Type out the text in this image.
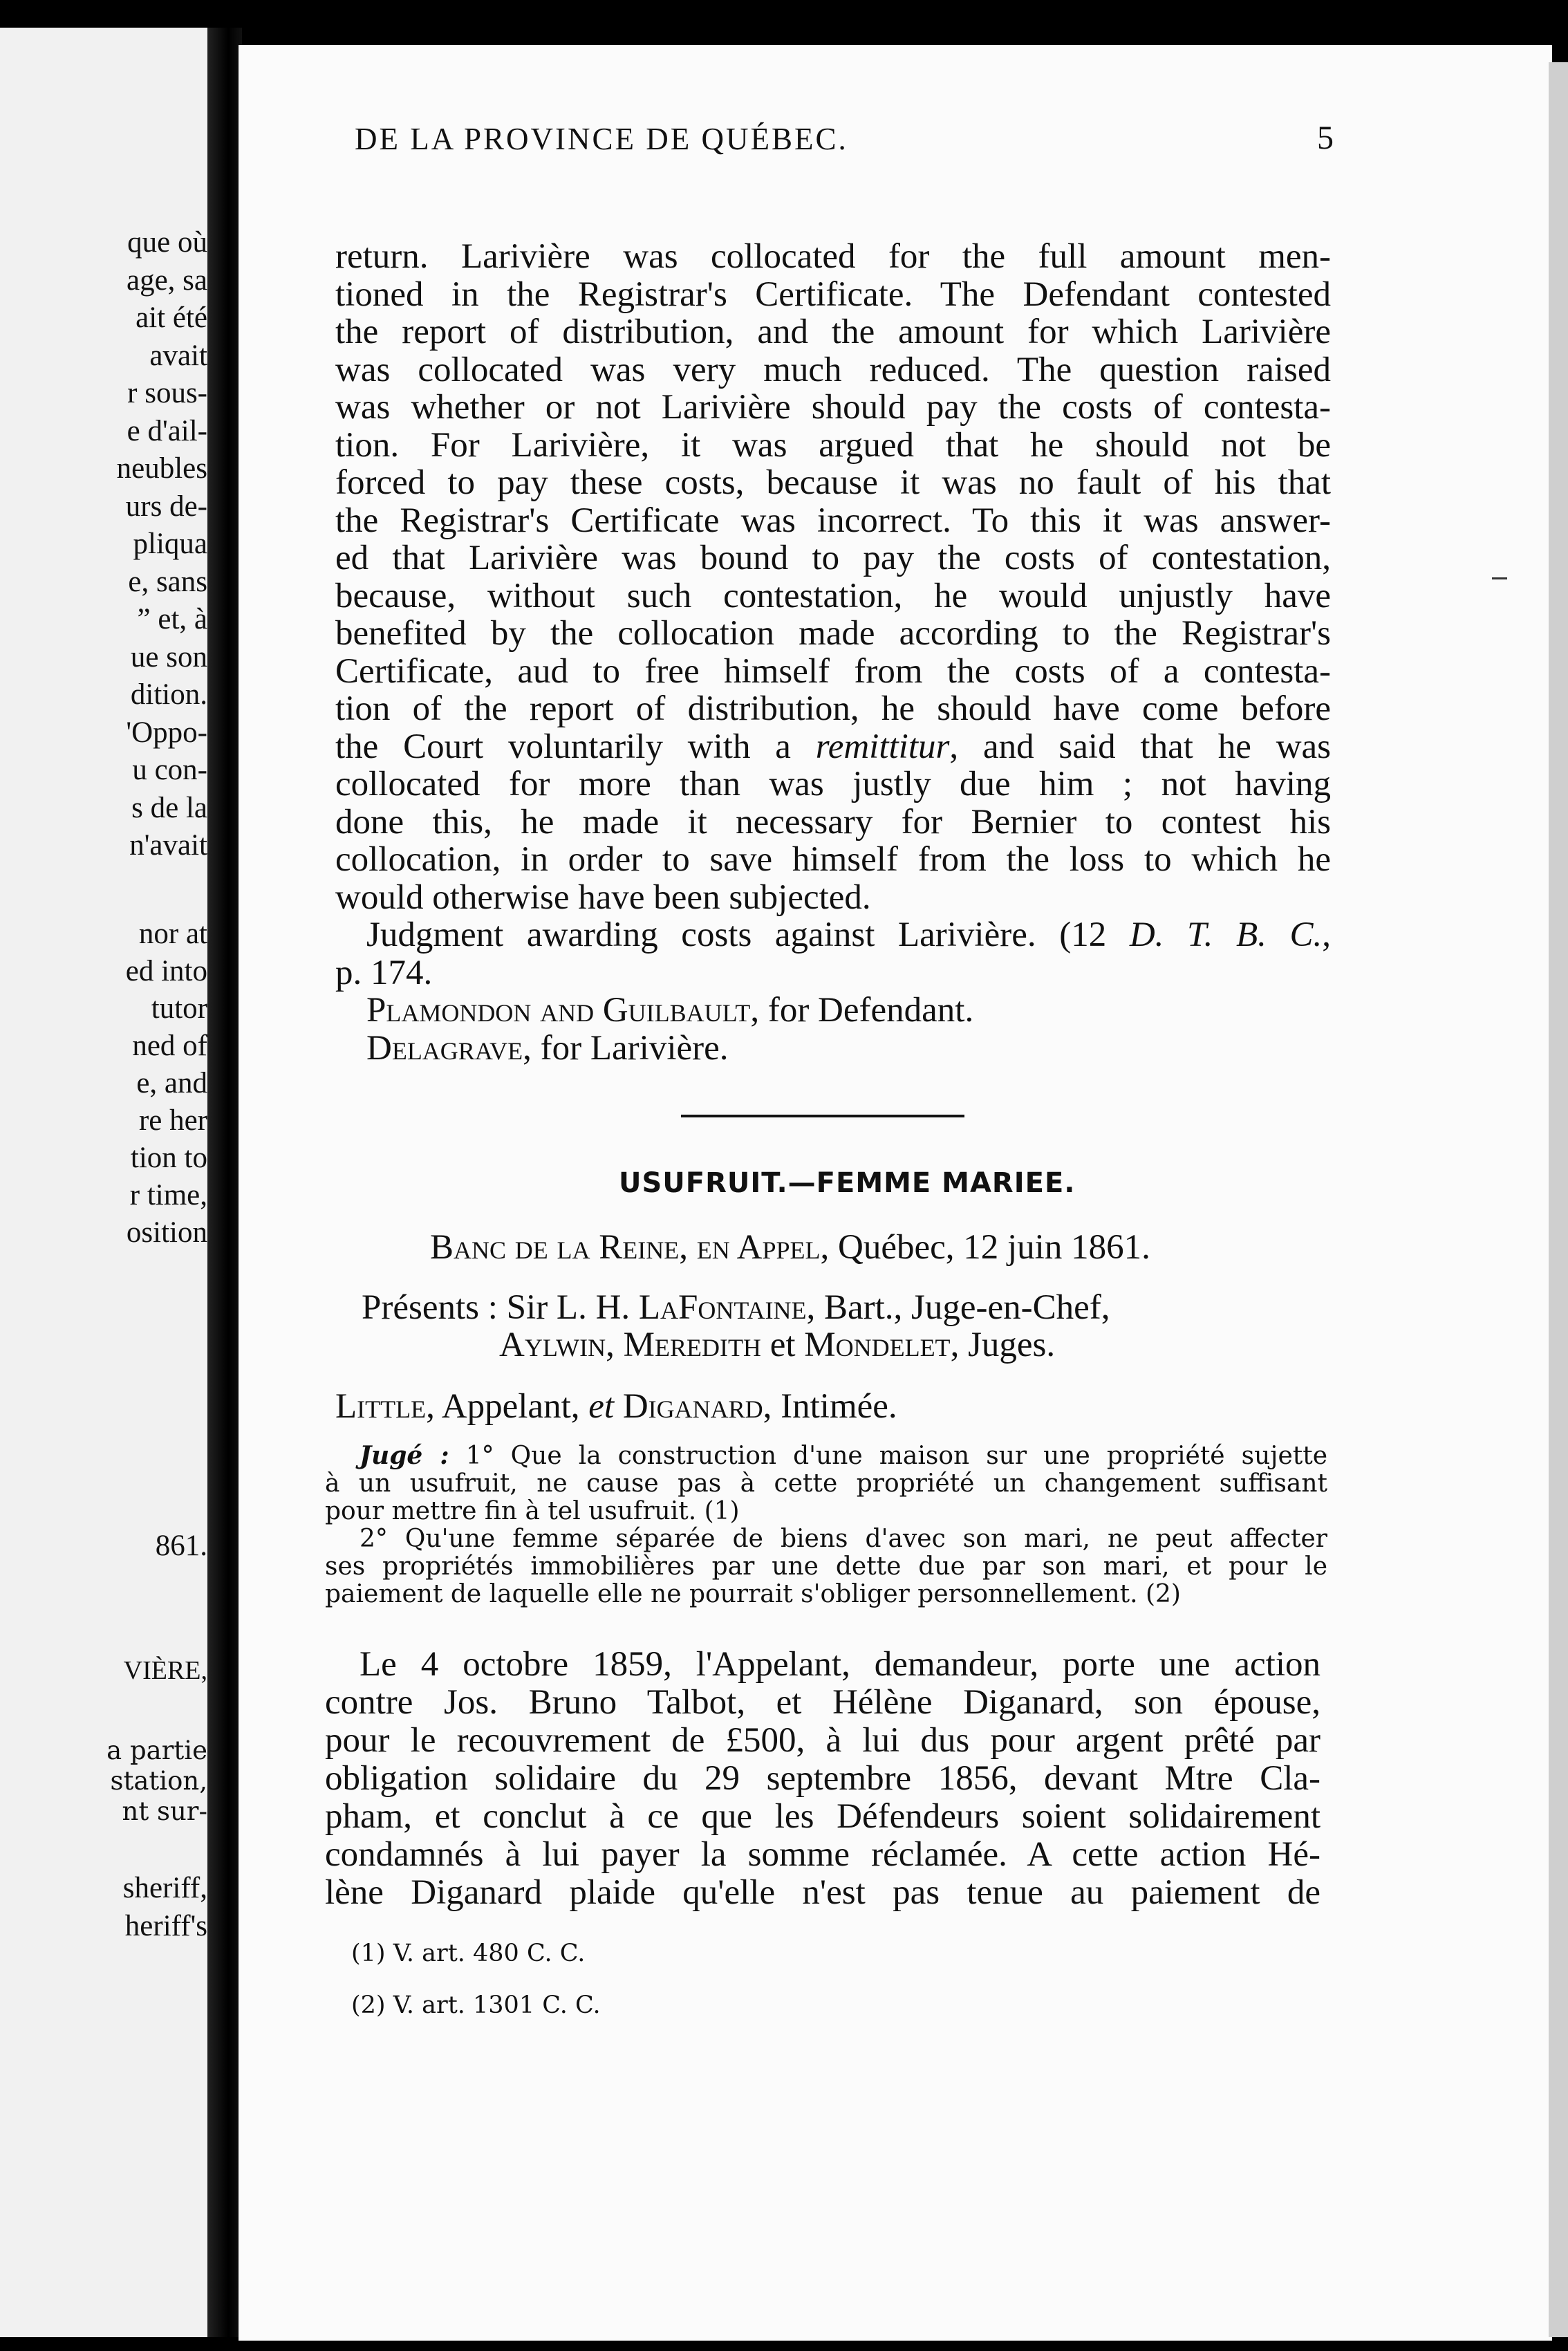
que où
age, sa
ait été
avait
r sous-
e d'ail-
neubles
urs de-
pliqua
e, sans
” et, à
ue son
dition.
'Oppo-
u con-
s de la
n'avait
nor at
ed into
tutor
ned of
e, and
re her
tion to
r time,
osition
861.
VIÈRE,
a partie
station,
nt sur-
sheriff,
heriff's
DE LA PROVINCE DE QUÉBEC.	5
return. Larivière was collocated for the full amount men-
tioned in the Registrar's Certificate. The Defendant contested
the report of distribution, and the amount for which Larivière
was collocated was very much reduced. The question raised
was whether or not Larivière should pay the costs of contesta-
tion. For Larivière, it was argued that he should not be
forced to pay these costs, because it was no fault of his that
the Registrar's Certificate was incorrect. To this it was answer-
ed that Larivière was bound to pay the costs of contestation,
because, without such contestation, he would unjustly have
benefited by the collocation made according to the Registrar's
Certificate, aud to free himself from the costs of a contesta-
tion of the report of distribution, he should have come before
the Court voluntarily with a remittitur, and said that he was
collocated for more than was justly due him ; not having
done this, he made it necessary for Bernier to contest his
collocation, in order to save himself from the loss to which he
would otherwise have been subjected.
Judgment awarding costs against Larivière. (12 D. T. B. C.,
p. 174.
Plamondon and Guilbault, for Defendant.
Delagrave, for Larivière.
USUFRUIT.—FEMME MARIEE.
Banc de la Reine, en Appel, Québec, 12 juin 1861.
Présents : Sir L. H. LaFontaine, Bart., Juge-en-Chef,
Aylwin, Meredith et Mondelet, Juges.
Little, Appelant, et Diganard, Intimée.
Jugé : 1° Que la construction d'une maison sur une propriété sujette
à un usufruit, ne cause pas à cette propriété un changement suffisant
pour mettre fin à tel usufruit. (1)
2° Qu'une femme séparée de biens d'avec son mari, ne peut affecter
ses propriétés immobilières par une dette due par son mari, et pour le
paiement de laquelle elle ne pourrait s'obliger personnellement. (2)
Le 4 octobre 1859, l'Appelant, demandeur, porte une action
contre Jos. Bruno Talbot, et Hélène Diganard, son épouse,
pour le recouvrement de £500, à lui dus pour argent prêté par
obligation solidaire du 29 septembre 1856, devant Mtre Cla-
pham, et conclut à ce que les Défendeurs soient solidairement
condamnés à lui payer la somme réclamée. A cette action Hé-
lène Diganard plaide qu'elle n'est pas tenue au paiement de
(1) V. art. 480 C. C.
(2) V. art. 1301 C. C.
